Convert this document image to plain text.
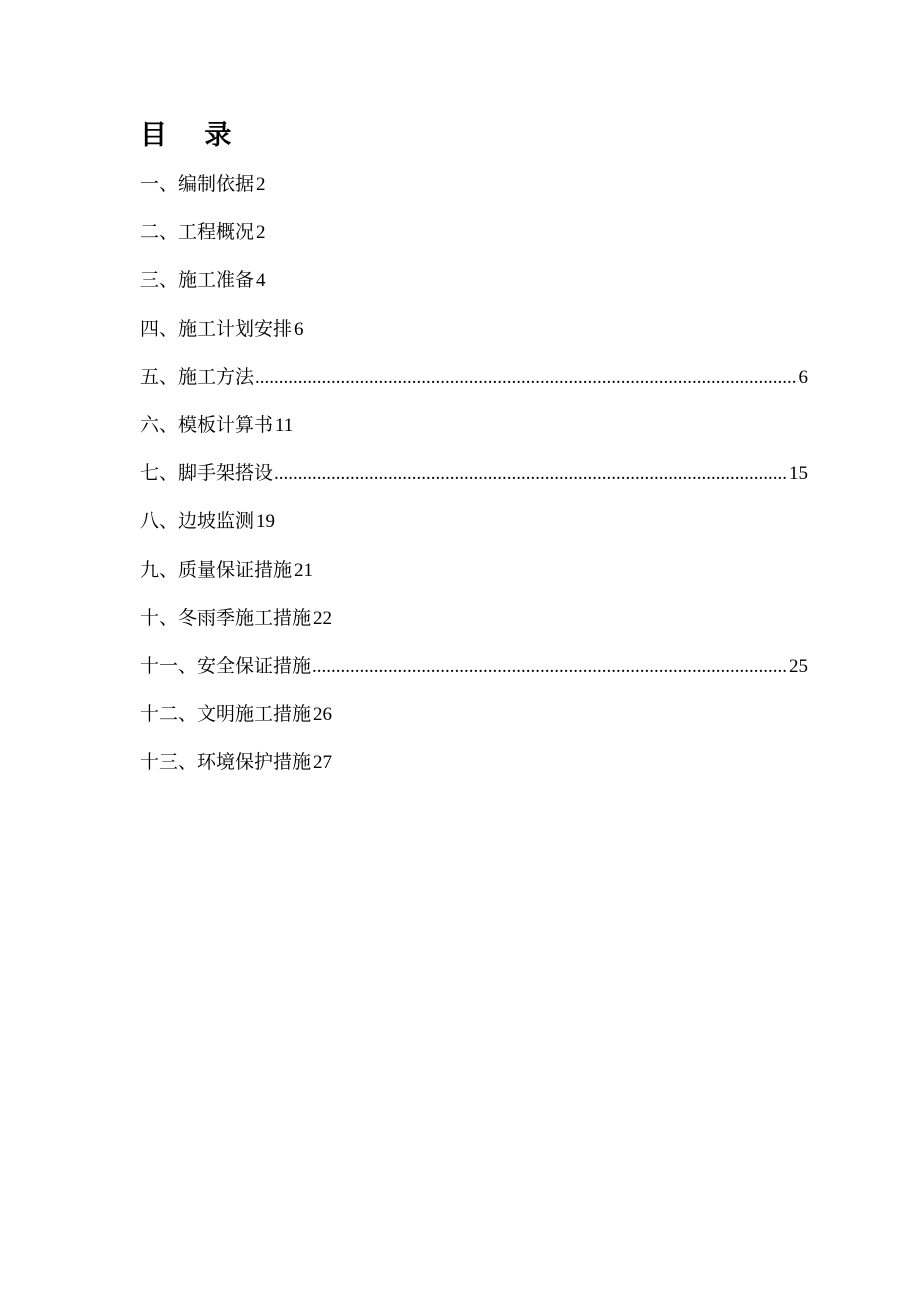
目 录
一、编制依据 2
二、工程概况 2
三、施工准备 4
四、施工计划安排 6
五、施工方法 .....	6
六、模板计算书 11
七、脚手架搭设 .....	15
八、边坡监测 19
九、质量保证措施 21
十、冬雨季施工措施 22
十一、安全保证措施 .....	25
十二、文明施工措施 26
十三、环境保护措施 27
